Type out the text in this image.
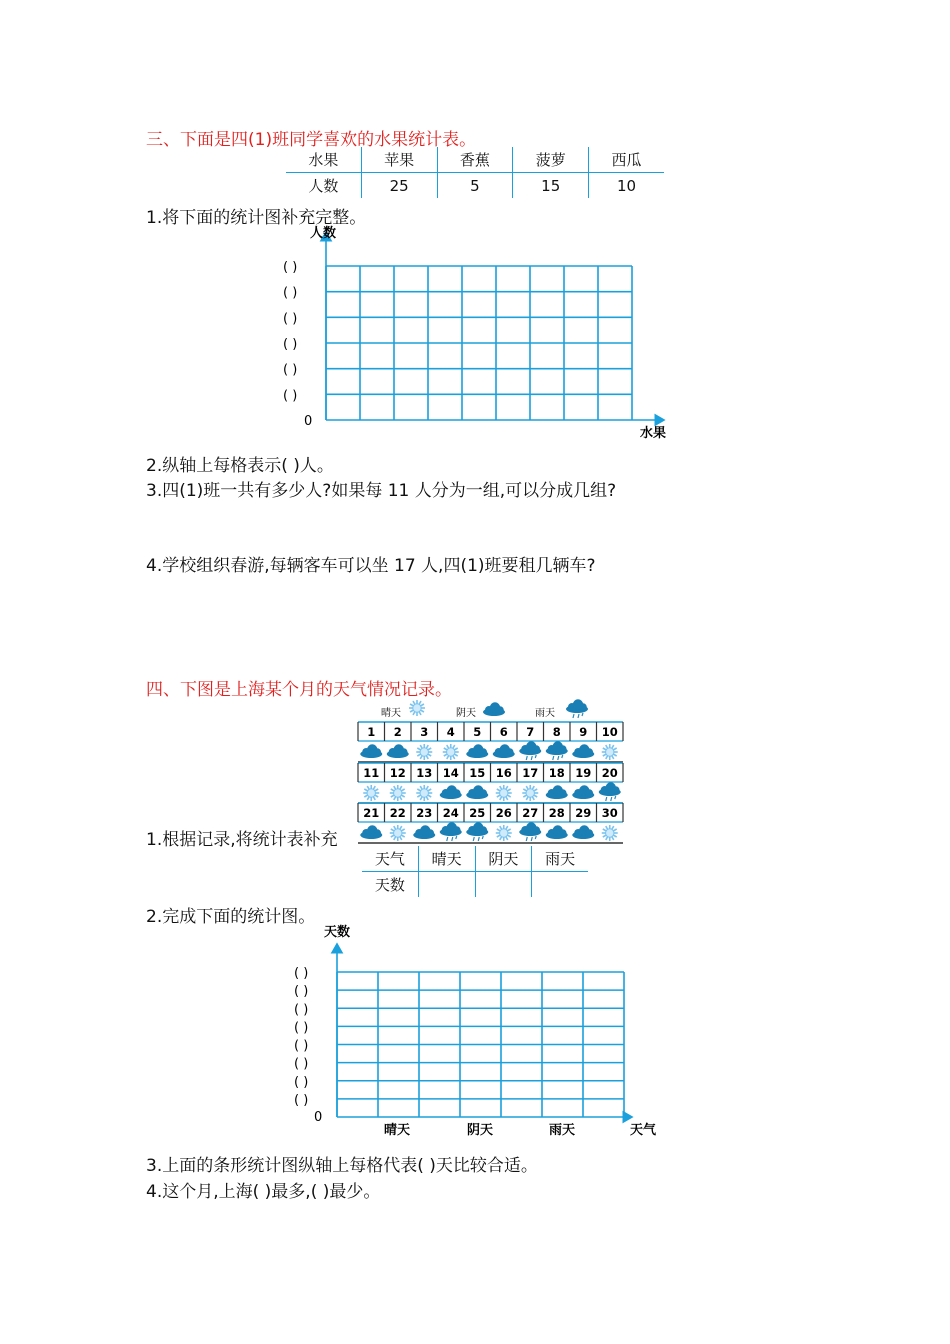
三、下面是四(1)班同学喜欢的水果统计表。
水果	苹果	香蕉	菠萝	西瓜
人数	25	5	15	10
1.将下面的统计图补充完整。
人数
水果
0
( )
( )
( )
( )
( )
( )
2.纵轴上每格表示( )人。
3.四(1)班一共有多少人?如果每 11 人分为一组,可以分成几组?
4.学校组织春游,每辆客车可以坐 17 人,四(1)班要租几辆车?
四、下图是上海某个月的天气情况记录。
晴天	阴天	雨天
1 2 3 4 5 6 7 8 9 10
11 12 13 14 15 16 17 18 19 20
21 22 23 24 25 26 27 28 29 30
1.根据记录,将统计表补充
天气	晴天	阴天	雨天
天数			
2.完成下面的统计图。
天数
天气
0
晴天	阴天	雨天
( )
( )
( )
( )
( )
( )
( )
( )
3.上面的条形统计图纵轴上每格代表( )天比较合适。
4.这个月,上海( )最多,( )最少。
